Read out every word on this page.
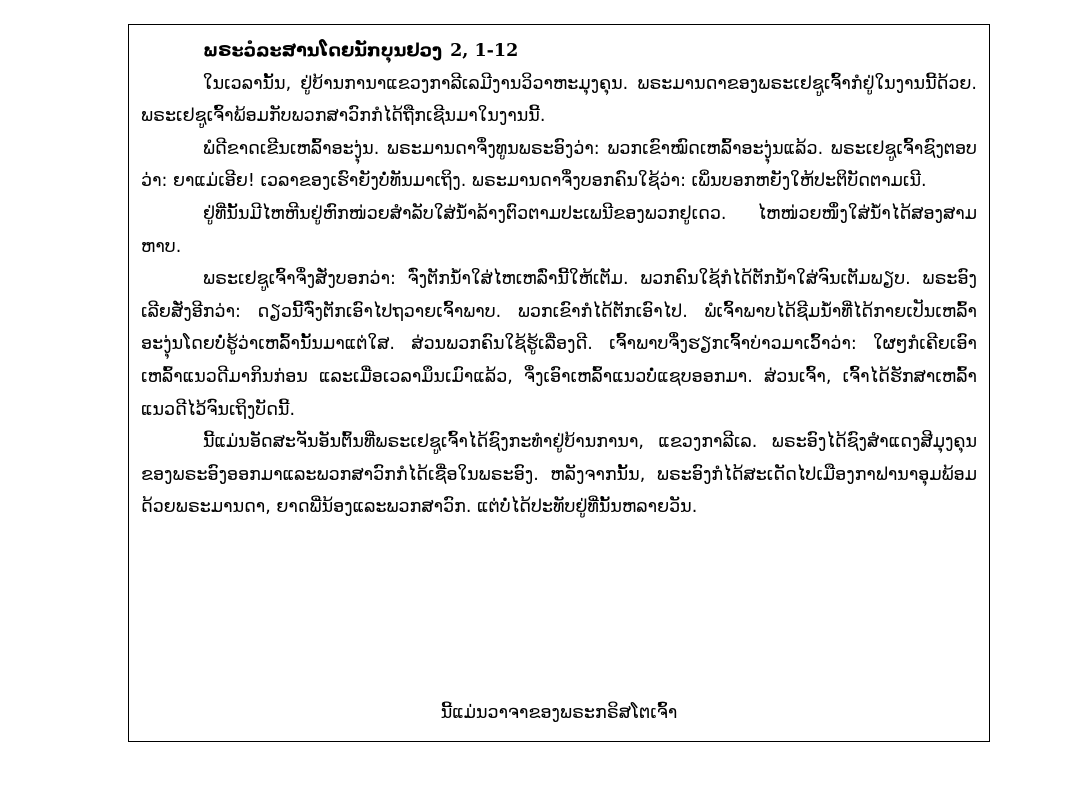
ພຣະວໍລະສານໂດຍນັກບຸນຢວງ 2, 1-12

ໃນເວລານັ້ນ, ຢູ່ບ້ານການາແຂວງກາລີເລມີງານວິວາຫະມຸງຄຸນ. ພຣະມານດາຂອງພຣະເຢຊູເຈົ້າກໍຢູ່ໃນງານນີ້ດ້ວຍ. ພຣະເຢຊູເຈົ້າພ້ອມກັບພວກສາວົກກໍໄດ້ຖືກເຊີນມາໃນງານນີ້.

ພໍດີຂາດເຂີນເຫລົ້າອະງຸ່ນ. ພຣະມານດາຈຶ່ງທູນພຣະອົງວ່າ: ພວກເຂົາໝົດເຫລົ້າອະງຸ່ນແລ້ວ. ພຣະເຢຊູເຈົ້າຊົງຕອບວ່າ: ຍາແມ່ເອີຍ! ເວລາຂອງເຮົາຍັງບໍ່ທັນມາເຖິງ. ພຣະມານດາຈຶ່ງບອກຄົນໃຊ້ວ່າ: ເພິ່ນບອກຫຍັງໃຫ້ປະຕິບັດຕາມເນີ.

ຢູ່ທີ່ນັ້ນມີໄຫຫີນຢູ່ຫົກໜ່ວຍສຳລັບໃສ່ນ້ຳລ້າງຕົວຕາມປະເພນີຂອງພວກຢູເດວ. ໄຫໜ່ວຍໜຶ່ງໃສ່ນ້ຳໄດ້ສອງສາມຫາບ.

ພຣະເຢຊູເຈົ້າຈຶ່ງສັ່ງບອກວ່າ: ຈົ່ງຕັກນ້ຳໃສ່ໄຫເຫລົ່ານີ້ໃຫ້ເຕັມ. ພວກຄົນໃຊ້ກໍໄດ້ຕັກນ້ຳໃສ່ຈົນເຕັມພຽບ. ພຣະອົງເລີຍສັ່ງອີກວ່າ: ດຽວນີ້ຈົ່ງຕັກເອົາໄປຖວາຍເຈົ້າພາບ. ພວກເຂົາກໍໄດ້ຕັກເອົາໄປ. ພໍເຈົ້າພາບໄດ້ຊີມນ້ຳທີ່ໄດ້ກາຍເປັນເຫລົ້າອະງຸ່ນໂດຍບໍ່ຮູ້ວ່າເຫລົ້ານັ້ນມາແຕ່ໃສ. ສ່ວນພວກຄົນໃຊ້ຮູ້ເລື່ອງດີ. ເຈົ້າພາບຈຶ່ງຮຽກເຈົ້າບ່າວມາເວົ້າວ່າ: ໃຜໆກໍເຄີຍເອົາເຫລົ້າແນວດີມາກິນກ່ອນ ແລະເມື່ອເວລາມຶນເມົາແລ້ວ, ຈຶ່ງເອົາເຫລົ້າແນວບໍ່ແຊບອອກມາ. ສ່ວນເຈົ້າ, ເຈົ້າໄດ້ຮັກສາເຫລົ້າແນວດີໄວ້ຈົນເຖິງບັດນີ້.

ນີ້ແມ່ນອັດສະຈັນອັນຕົ້ນທີ່ພຣະເຢຊູເຈົ້າໄດ້ຊົງກະທຳຢູ່ບ້ານການາ, ແຂວງກາລີເລ. ພຣະອົງໄດ້ຊົງສຳແດງສີມຸງຄຸນຂອງພຣະອົງອອກມາແລະພວກສາວົກກໍໄດ້ເຊື່ອໃນພຣະອົງ. ຫລັງຈາກນັ້ນ, ພຣະອົງກໍໄດ້ສະເດັດໄປເມືອງກາຟານາອຸມພ້ອມດ້ວຍພຣະມານດາ, ຍາດພີ່ນ້ອງແລະພວກສາວົກ. ແຕ່ບໍ່ໄດ້ປະທັບຢູ່ທີ່ນັ້ນຫລາຍວັນ.

ນີ້ແມ່ນວາຈາຂອງພຣະກຣິສໂຕເຈົ້າ
